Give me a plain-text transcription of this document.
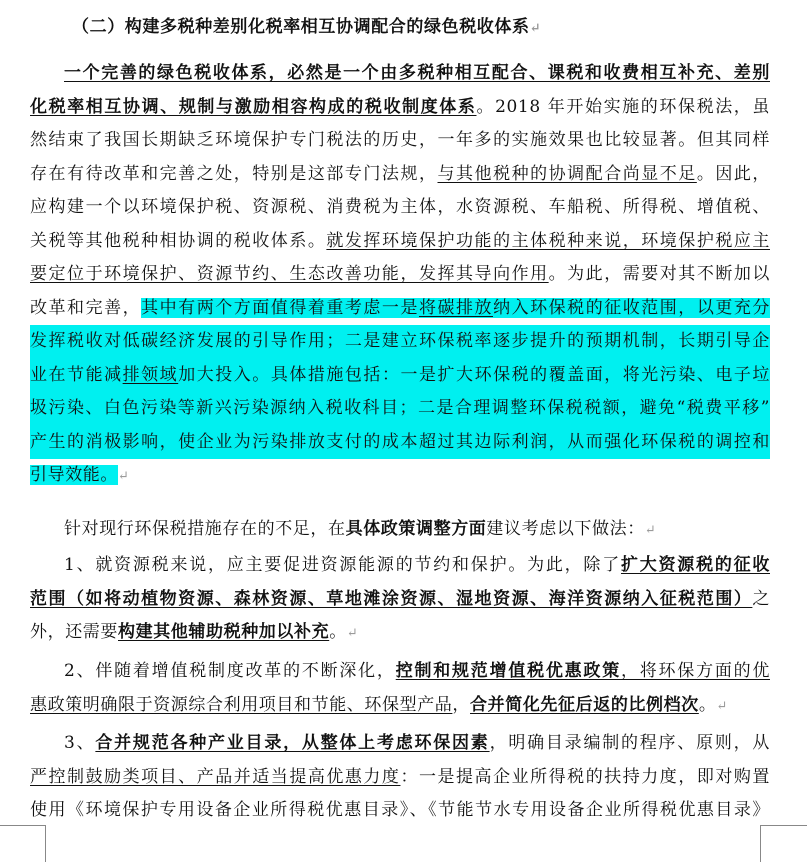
（二）构建多税种差别化税率相互协调配合的绿色税收体系↵
一个完善的绿色税收体系，必然是一个由多税种相互配合、课税和收费相互补充、差别
化税率相互协调、规制与激励相容构成的税收制度体系。2018 年开始实施的环保税法，虽
然结束了我国长期缺乏环境保护专门税法的历史，一年多的实施效果也比较显著。但其同样
存在有待改革和完善之处，特别是这部专门法规，与其他税种的协调配合尚显不足。因此，
应构建一个以环境保护税、资源税、消费税为主体，水资源税、车船税、所得税、增值税、
关税等其他税种相协调的税收体系。就发挥环境保护功能的主体税种来说，环境保护税应主
要定位于环境保护、资源节约、生态改善功能，发挥其导向作用。为此，需要对其不断加以
改革和完善，其中有两个方面值得着重考虑一是将碳排放纳入环保税的征收范围，以更充分
发挥税收对低碳经济发展的引导作用；二是建立环保税率逐步提升的预期机制，长期引导企
业在节能减排领域加大投入。具体措施包括：一是扩大环保税的覆盖面，将光污染、电子垃
圾污染、白色污染等新兴污染源纳入税收科目；二是合理调整环保税税额，避免“税费平移”
产生的消极影响，使企业为污染排放支付的成本超过其边际利润，从而强化环保税的调控和
引导效能。↵
针对现行环保税措施存在的不足，在具体政策调整方面建议考虑以下做法：↵
1、就资源税来说，应主要促进资源能源的节约和保护。为此，除了扩大资源税的征收
范围（如将动植物资源、森林资源、草地滩涂资源、湿地资源、海洋资源纳入征税范围）之
外，还需要构建其他辅助税种加以补充。↵
2、伴随着增值税制度改革的不断深化，控制和规范增值税优惠政策，将环保方面的优
惠政策明确限于资源综合利用项目和节能、环保型产品，合并简化先征后返的比例档次。↵
3、合并规范各种产业目录，从整体上考虑环保因素，明确目录编制的程序、原则，从
严控制鼓励类项目、产品并适当提高优惠力度：一是提高企业所得税的扶持力度，即对购置
使用《环境保护专用设备企业所得税优惠目录》、《节能节水专用设备企业所得税优惠目录》
